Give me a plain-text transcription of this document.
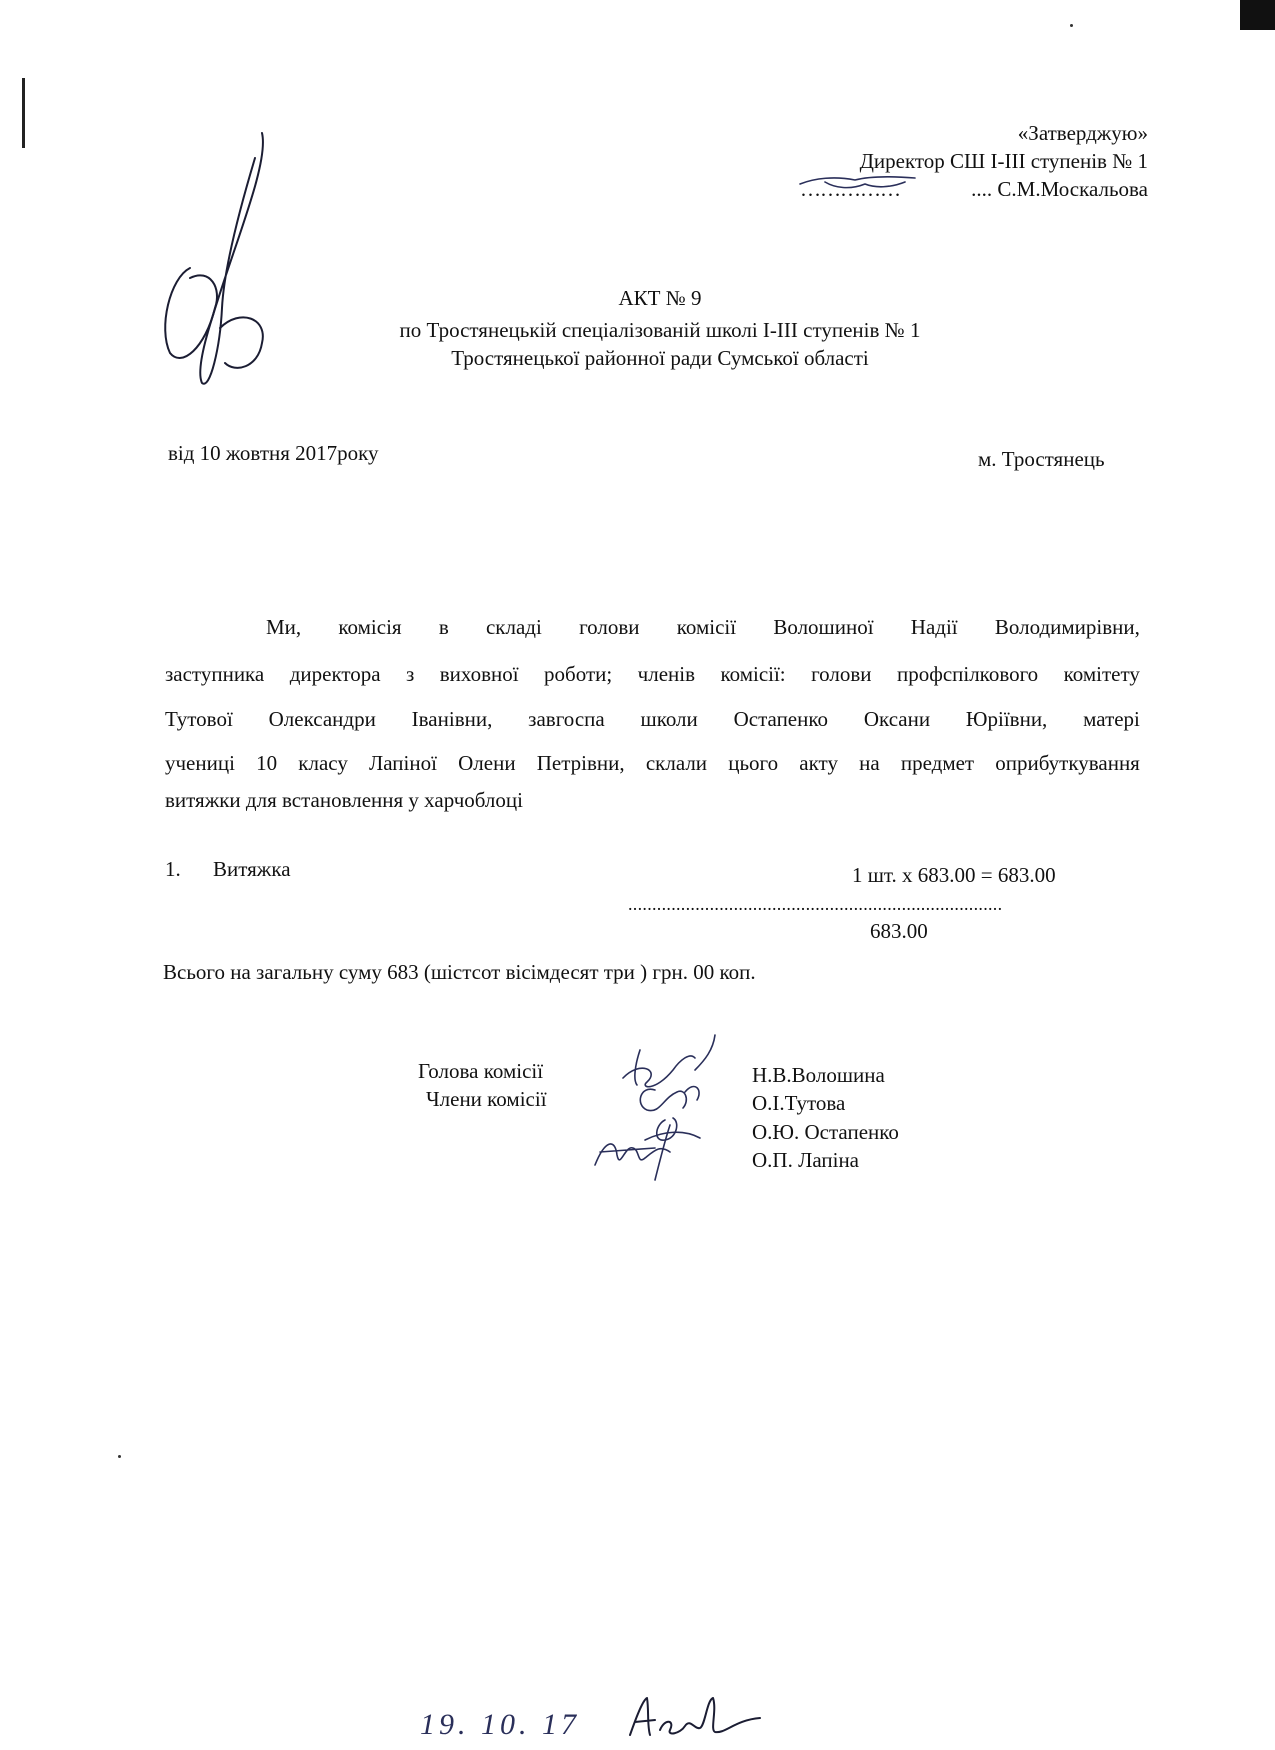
«Затверджую»
Директор СШ І-ІІІ ступенів № 1
……………	.... С.М.Москальова
АКТ № 9
по Тростянецькій спеціалізованій школі І-ІІІ ступенів № 1
Тростянецької районної ради Сумської області
від 10 жовтня 2017року	м. Тростянець
Ми, комісія в складі голови комісії Волошиної Надії Володимирівни,
заступника директора з виховної роботи; членів комісії: голови профспілкового комітету
Тутової Олександри Іванівни, завгоспа школи Остапенко Оксани Юріївни, матері
учениці 10 класу Лапіної Олени Петрівни, склали цього акту на предмет оприбуткування
витяжки для встановлення у харчоблоці
1. Витяжка	1 шт. х 683.00 = 683.00
..............................................................................
683.00
Всього на загальну суму 683 (шістсот вісімдесят три ) грн. 00 коп.
Голова комісії
Члени комісії
Н.В.Волошина
О.І.Тутова
О.Ю. Остапенко
О.П. Лапіна
19. 10. 17
